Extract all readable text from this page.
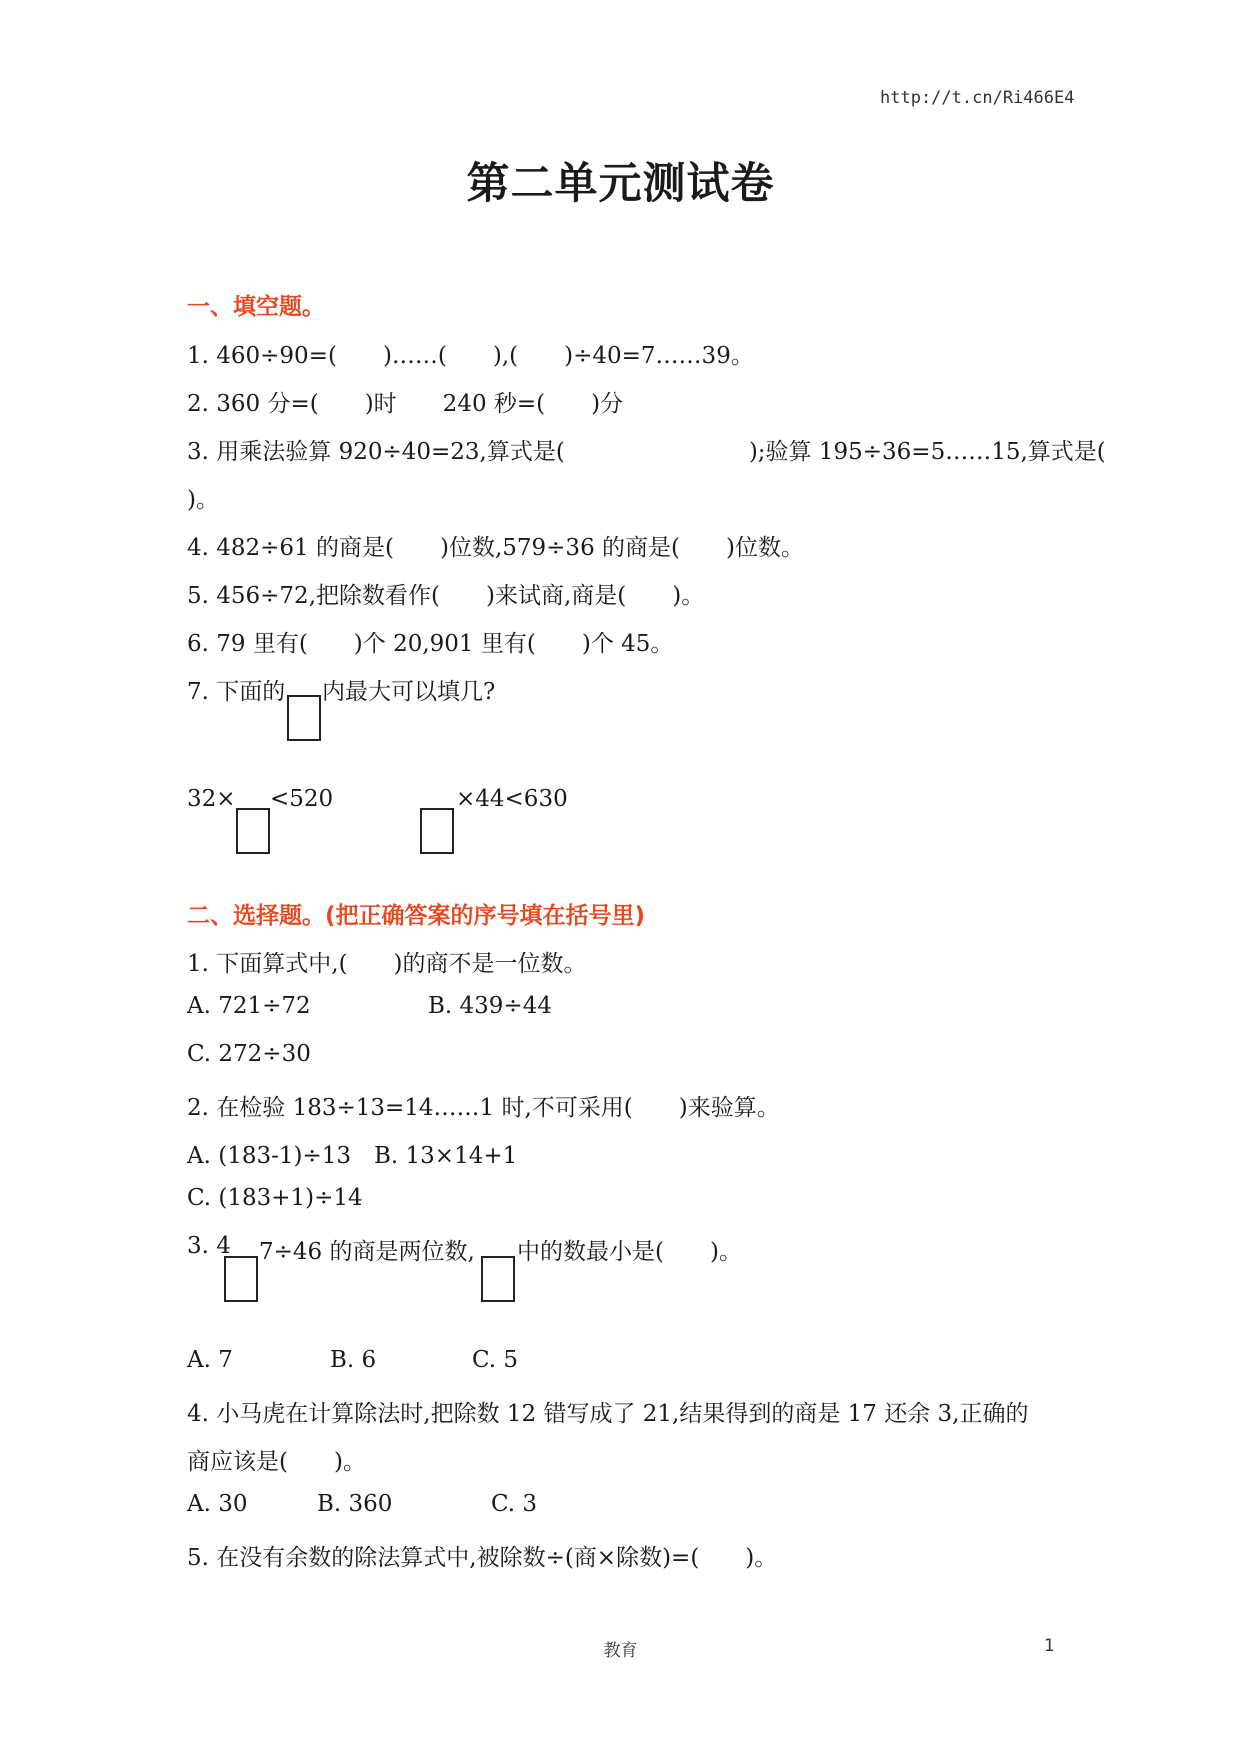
http://t.cn/Ri466E4
第二单元测试卷
一、填空题。
1. 460÷90=(　　)……(　　),(　　)÷40=7……39。
2. 360 分=(　　)时　　240 秒=(　　)分
3. 用乘法验算 920÷40=23,算式是(　　　　　　　　);验算 195÷36=5……15,算式是(
)。
4. 482÷61 的商是(　　)位数,579÷36 的商是(　　)位数。
5. 456÷72,把除数看作(　　)来试商,商是(　　)。
6. 79 里有(　　)个 20,901 里有(　　)个 45。
7. 下面的 内最大可以填几?
32× <520	×44<630
二、选择题。(把正确答案的序号填在括号里)
1. 下面算式中,(　　)的商不是一位数。
A. 721÷72	B. 439÷44
C. 272÷30
2. 在检验 183÷13=14……1 时,不可采用(　　)来验算。
A. (183-1)÷13　B. 13×14+1
C. (183+1)÷14
3. 4 7÷46 的商是两位数, 中的数最小是(　　)。
A. 7	B. 6	C. 5
4. 小马虎在计算除法时,把除数 12 错写成了 21,结果得到的商是 17 还余 3,正确的
商应该是(　　)。
A. 30	B. 360	C. 3
5. 在没有余数的除法算式中,被除数÷(商×除数)=(　　)。
教育	1
